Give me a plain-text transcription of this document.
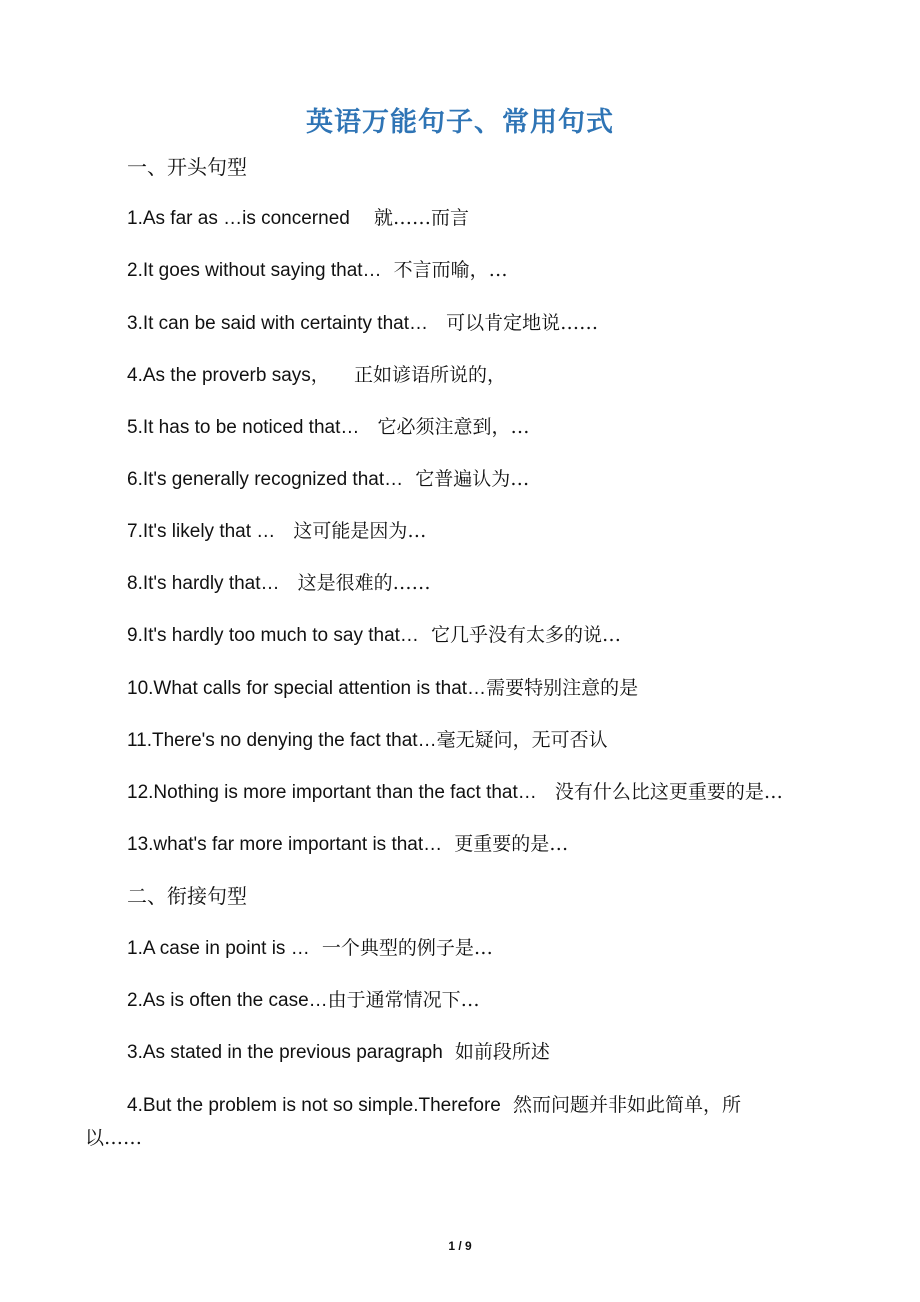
英语万能句子、常用句式
一、开头句型
1.As far as …is concerned 就……而言
2.It goes without saying that… 不言而喻，…
3.It can be said with certainty that… 可以肯定地说……
4.As the proverb says， 正如谚语所说的，
5.It has to be noticed that… 它必须注意到，…
6.It's generally recognized that… 它普遍认为…
7.It's likely that … 这可能是因为…
8.It's hardly that… 这是很难的……
9.It's hardly too much to say that… 它几乎没有太多的说…
10.What calls for special attention is that…需要特别注意的是
11.There's no denying the fact that…毫无疑问，无可否认
12.Nothing is more important than the fact that… 没有什么比这更重要的是…
13.what's far more important is that… 更重要的是…
二、衔接句型
1.A case in point is … 一个典型的例子是…
2.As is often the case…由于通常情况下…
3.As stated in the previous paragraph 如前段所述
4.But the problem is not so simple.Therefore 然而问题并非如此简单，所
以……
1 / 9
